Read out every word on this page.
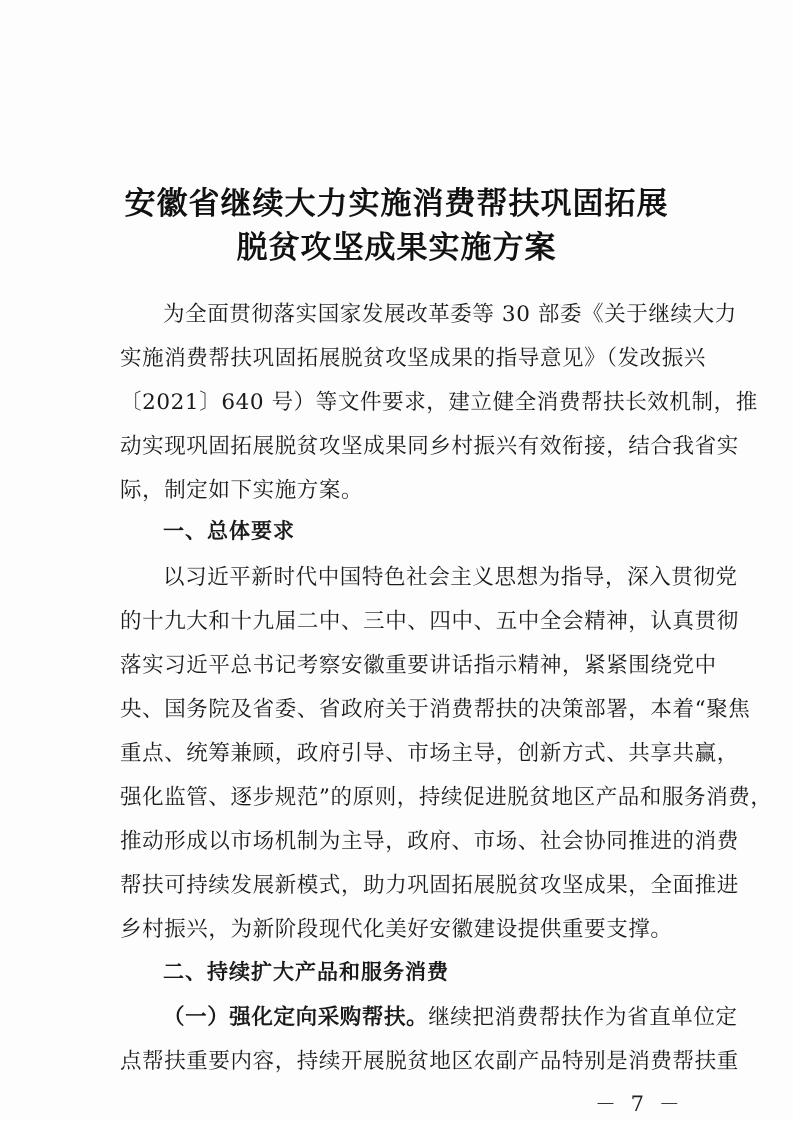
安徽省继续大力实施消费帮扶巩固拓展
脱贫攻坚成果实施方案
为全面贯彻落实国家发展改革委等 30 部委《关于继续大力
实施消费帮扶巩固拓展脱贫攻坚成果的指导意见》（发改振兴
〔2021〕640 号）等文件要求，建立健全消费帮扶长效机制，推
动实现巩固拓展脱贫攻坚成果同乡村振兴有效衔接，结合我省实
际，制定如下实施方案。
一、总体要求
以习近平新时代中国特色社会主义思想为指导，深入贯彻党
的十九大和十九届二中、三中、四中、五中全会精神，认真贯彻
落实习近平总书记考察安徽重要讲话指示精神，紧紧围绕党中
央、国务院及省委、省政府关于消费帮扶的决策部署，本着“聚焦
重点、统筹兼顾，政府引导、市场主导，创新方式、共享共赢，
强化监管、逐步规范”的原则，持续促进脱贫地区产品和服务消费，
推动形成以市场机制为主导，政府、市场、社会协同推进的消费
帮扶可持续发展新模式，助力巩固拓展脱贫攻坚成果，全面推进
乡村振兴，为新阶段现代化美好安徽建设提供重要支撑。
二、持续扩大产品和服务消费
（一）强化定向采购帮扶。继续把消费帮扶作为省直单位定
点帮扶重要内容，持续开展脱贫地区农副产品特别是消费帮扶重
－ 7 －
